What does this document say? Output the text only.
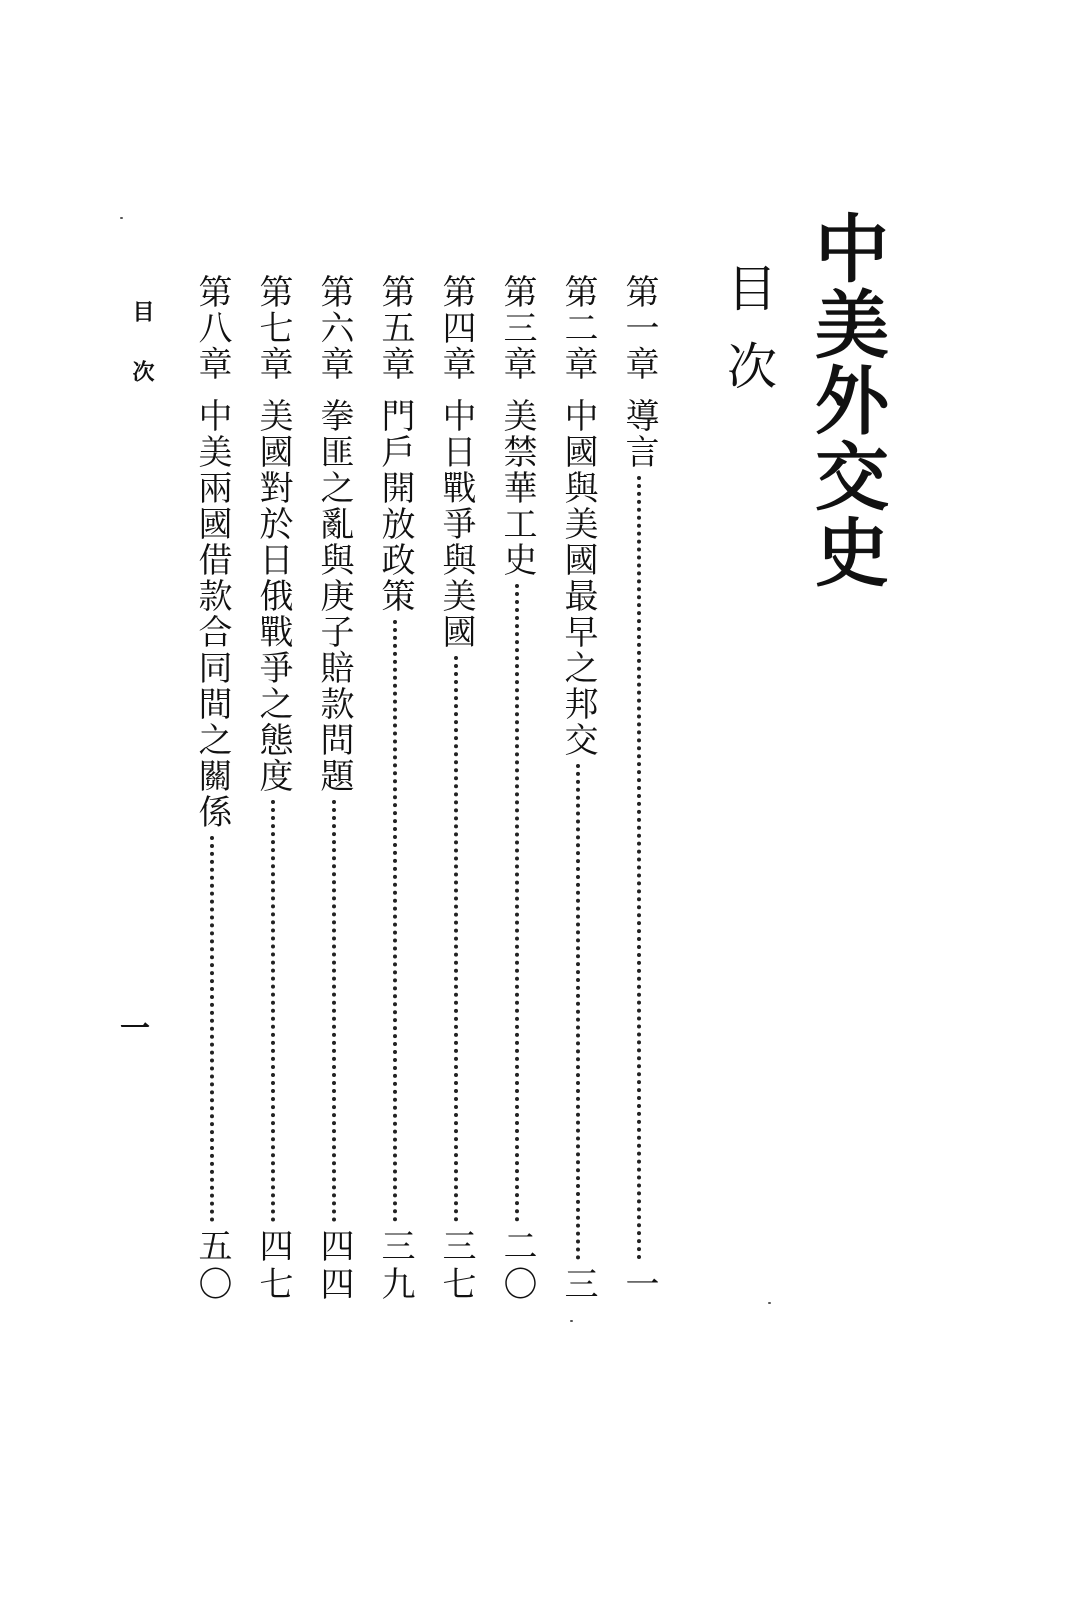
中美外交史
目次
第一章
導言
一
第二章
中國與美國最早之邦交
三
第三章
美禁華工史
二〇
第四章
中日戰爭與美國
三七
第五章
門戶開放政策
三九
第六章
拳匪之亂與庚子賠款問題
四四
第七章
美國對於日俄戰爭之態度
四七
第八章
中美兩國借款合同間之關係
五〇
目次
一
